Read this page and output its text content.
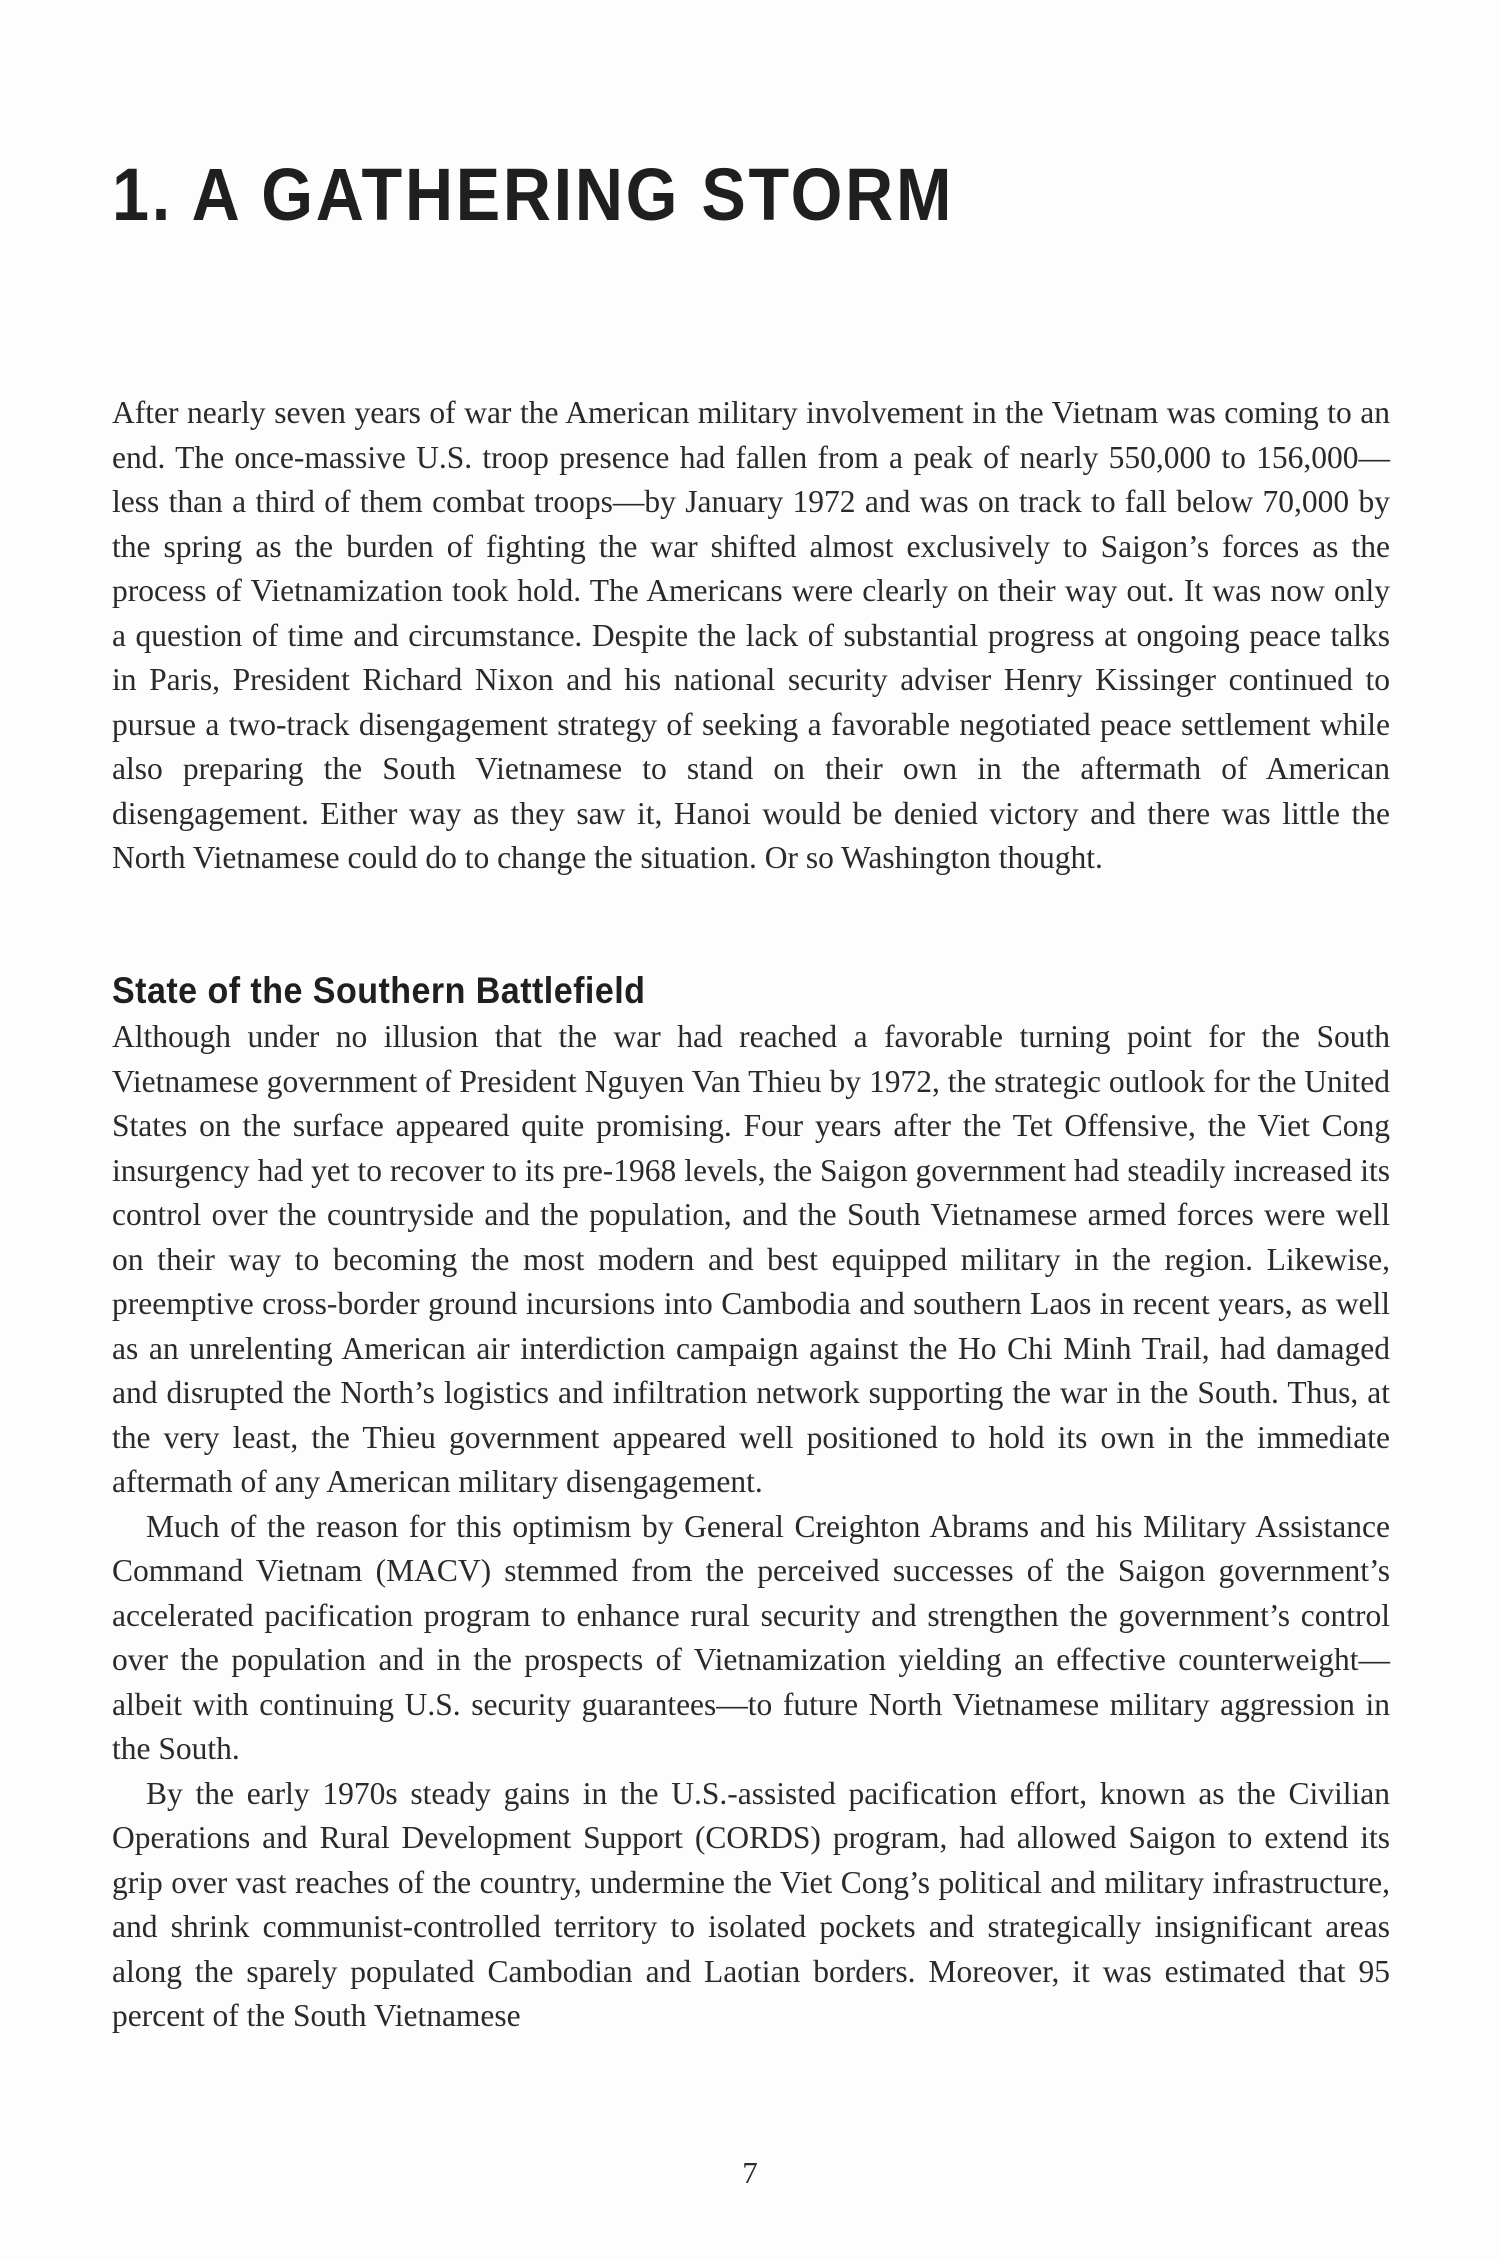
1. A GATHERING STORM

After nearly seven years of war the American military involvement in the Vietnam was coming to an end. The once-massive U.S. troop presence had fallen from a peak of nearly 550,000 to 156,000—less than a third of them combat troops—by January 1972 and was on track to fall below 70,000 by the spring as the burden of fighting the war shifted almost exclusively to Saigon’s forces as the process of Vietnamization took hold. The Americans were clearly on their way out. It was now only a question of time and circumstance. Despite the lack of substantial progress at ongoing peace talks in Paris, President Richard Nixon and his national security adviser Henry Kissinger continued to pursue a two-track disengagement strategy of seeking a favorable negotiated peace settlement while also preparing the South Vietnamese to stand on their own in the aftermath of American disengagement. Either way as they saw it, Hanoi would be denied victory and there was little the North Vietnamese could do to change the situation. Or so Washington thought.

State of the Southern Battlefield

Although under no illusion that the war had reached a favorable turning point for the South Vietnamese government of President Nguyen Van Thieu by 1972, the strategic outlook for the United States on the surface appeared quite promising. Four years after the Tet Offensive, the Viet Cong insurgency had yet to recover to its pre-1968 levels, the Saigon government had steadily increased its control over the countryside and the population, and the South Vietnamese armed forces were well on their way to becoming the most modern and best equipped military in the region. Likewise, preemptive cross-border ground incursions into Cambodia and southern Laos in recent years, as well as an unrelenting American air interdiction campaign against the Ho Chi Minh Trail, had damaged and disrupted the North’s logistics and infiltration network supporting the war in the South. Thus, at the very least, the Thieu government appeared well positioned to hold its own in the immediate aftermath of any American military disengagement.

Much of the reason for this optimism by General Creighton Abrams and his Military Assistance Command Vietnam (MACV) stemmed from the perceived successes of the Saigon government’s accelerated pacification program to enhance rural security and strengthen the government’s control over the population and in the prospects of Vietnamization yielding an effective counterweight—albeit with continuing U.S. security guarantees—to future North Vietnamese military aggression in the South.

By the early 1970s steady gains in the U.S.-assisted pacification effort, known as the Civilian Operations and Rural Development Support (CORDS) program, had allowed Saigon to extend its grip over vast reaches of the country, undermine the Viet Cong’s political and military infrastructure, and shrink communist-controlled territory to isolated pockets and strategically insignificant areas along the sparely populated Cambodian and Laotian borders. Moreover, it was estimated that 95 percent of the South Vietnamese

7
